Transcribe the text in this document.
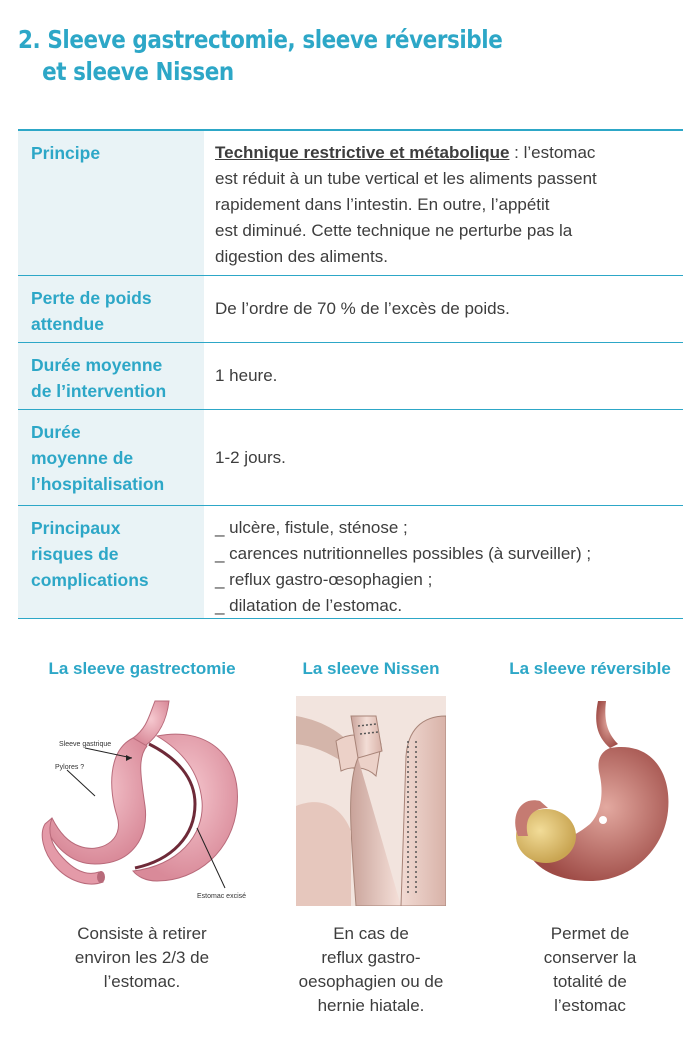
2. Sleeve gastrectomie, sleeve réversible
et sleeve Nissen
Principe	Technique restrictive et métabolique : l’estomac
est réduit à un tube vertical et les aliments passent
rapidement dans l’intestin. En outre, l’appétit
est diminué. Cette technique ne perturbe pas la
digestion des aliments.
Perte de poids
attendue
De l’ordre de 70 % de l’excès de poids.
Durée moyenne
de l’intervention
1 heure.
Durée
moyenne de
l’hospitalisation
1-2 jours.
Principaux
risques de
complications
_ ulcère, fistule, sténose ;
_ carences nutritionnelles possibles (à surveiller) ;
_ reflux gastro-œsophagien ;
_ dilatation de l’estomac.
La sleeve gastrectomie
Sleeve gastrique
Pylores ?
Estomac excisé
Consiste à retirer
environ les 2/3 de
l’estomac.
La sleeve Nissen
En cas de
reflux gastro-
oesophagien ou de
hernie hiatale.
La sleeve réversible
Permet de
conserver la
totalité de
l’estomac
